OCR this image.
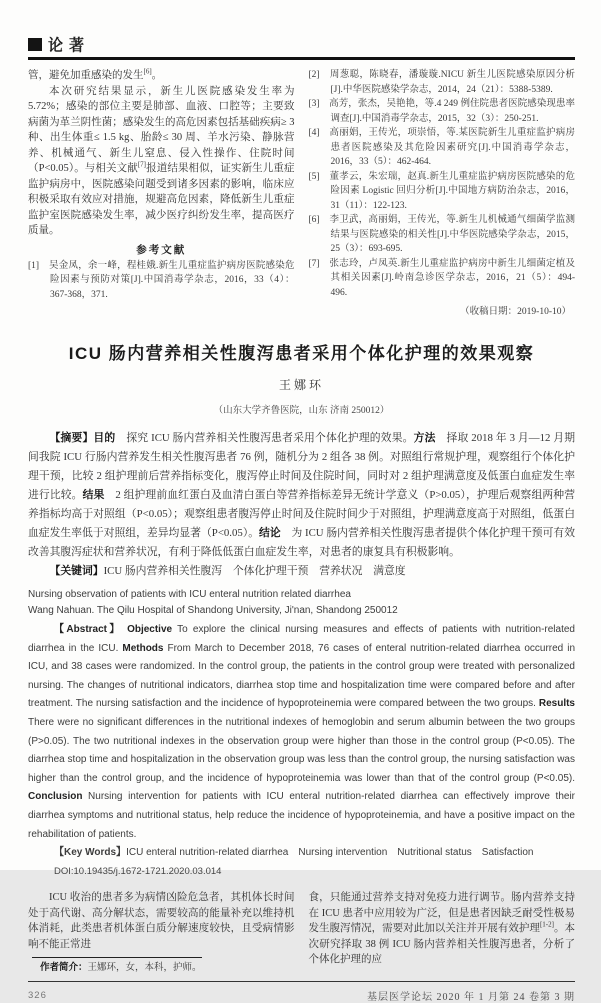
论著

管，避免加重感染的发生[6]。

本次研究结果显示，新生儿医院感染发生率为 5.72%；感染的部位主要是肺部、血液、口腔等；主要致病菌为革兰阴性菌；感染发生的高危因素包括基础疾病≥ 3 种、出生体重≤ 1.5 kg、胎龄≤ 30 周、羊水污染、静脉营养、机械通气、新生儿窒息、侵入性操作、住院时间（P<0.05）。与相关文献[7]报道结果相似，证实新生儿重症监护病房中，医院感染问题受到诸多因素的影响，临床应积极采取有效应对措施，规避高危因素，降低新生儿重症监护室医院感染发生率，减少医疗纠纷发生率，提高医疗质量。

参考文献

[1]　吴金凤，余一峰，程桂娥.新生儿重症监护病房医院感染危险因素与预防对策[J].中国消毒学杂志，2016，33（4）：367-368，371.

[2]　周葱聪，陈晓春，潘璇璇.NICU 新生儿医院感染原因分析[J].中华医院感染学杂志，2014，24（21）：5388-5389.

[3]　高芳，张杰，吴艳艳，等.4 249 例住院患者医院感染现患率调查[J].中国消毒学杂志，2015，32（3）：250-251.

[4]　高丽娟，王传光，项崇悟，等.某医院新生儿重症监护病房患者医院感染及其危险因素研究[J].中国消毒学杂志，2016，33（5）：462-464.

[5]　董孝云，朱宏瑞，赵真.新生儿重症监护病房医院感染的危险因素 Logistic 回归分析[J].中国地方病防治杂志，2016，31（11）：122-123.

[6]　李卫武，高丽娟，王传光，等.新生儿机械通气细菌学监测结果与医院感染的相关性[J].中华医院感染学杂志，2015，25（3）：693-695.

[7]　张志玲，卢凤英.新生儿重症监护病房中新生儿细菌定植及其相关因素[J].岭南急诊医学杂志，2016，21（5）：494-496.

（收稿日期：2019-10-10）
ICU 肠内营养相关性腹泻患者采用个体化护理的效果观察
王娜环
（山东大学齐鲁医院，山东 济南 250012）

【摘要】目的　探究 ICU 肠内营养相关性腹泻患者采用个体化护理的效果。方法　择取 2018 年 3 月—12 月期间我院 ICU 行肠内营养发生相关性腹泻患者 76 例，随机分为 2 组各 38 例。对照组行常规护理，观察组行个体化护理干预，比较 2 组护理前后营养指标变化，腹泻停止时间及住院时间，同时对 2 组护理满意度及低蛋白血症发生率进行比较。结果　2 组护理前血红蛋白及血清白蛋白等营养指标差异无统计学意义（P>0.05），护理后观察组两种营养指标均高于对照组（P<0.05）；观察组患者腹泻停止时间及住院时间少于对照组，护理满意度高于对照组，低蛋白血症发生率低于对照组，差异均显著（P<0.05）。结论　为 ICU 肠内营养相关性腹泻患者提供个体化护理干预可有效改善其腹泻症状和营养状况，有利于降低低蛋白血症发生率，对患者的康复具有积极影响。

【关键词】ICU 肠内营养相关性腹泻　个体化护理干预　营养状况　满意度

Nursing observation of patients with ICU enteral nutrition related diarrhea
Wang Nahuan. The Qilu Hospital of Shandong University, Ji'nan, Shandong 250012

【Abstract】 Objective To explore the clinical nursing measures and effects of patients with nutrition-related diarrhea in the ICU. Methods From March to December 2018, 76 cases of enteral nutrition-related diarrhea occurred in ICU, and 38 cases were randomized. In the control group, the patients in the control group were treated with personalized nursing. The changes of nutritional indicators, diarrhea stop time and hospitalization time were compared before and after treatment. The nursing satisfaction and the incidence of hypoproteinemia were compared between the two groups. Results There were no significant differences in the nutritional indexes of hemoglobin and serum albumin between the two groups (P>0.05). The two nutritional indexes in the observation group were higher than those in the control group (P<0.05). The diarrhea stop time and hospitalization in the observation group was less than the control group, the nursing satisfaction was higher than the control group, and the incidence of hypoproteinemia was lower than that of the control group (P<0.05). Conclusion Nursing intervention for patients with ICU enteral nutrition-related diarrhea can effectively improve their diarrhea symptoms and nutritional status, help reduce the incidence of hypoproteinemia, and have a positive impact on the rehabilitation of patients.

【Key Words】ICU enteral nutrition-related diarrhea　Nursing intervention　Nutritional status　Satisfaction

DOI:10.19435/j.1672-1721.2020.03.014

ICU 收治的患者多为病情凶险危急者，其机体长时间处于高代谢、高分解状态，需要较高的能量补充以维持机体消耗，此类患者机体蛋白质分解速度较快，且受病情影响不能正常进

作者简介：王娜环，女，本科，护师。

食，只能通过营养支持对免疫力进行调节。肠内营养支持在 ICU 患者中应用较为广泛，但是患者因缺乏耐受性极易发生腹泻情况，需要对此加以关注并开展有效护理[1-2]。本次研究择取 38 例 ICU 肠内营养相关性腹泻患者，分析了个体化护理的应

326	基层医学论坛 2020 年 1 月第 24 卷第 3 期
